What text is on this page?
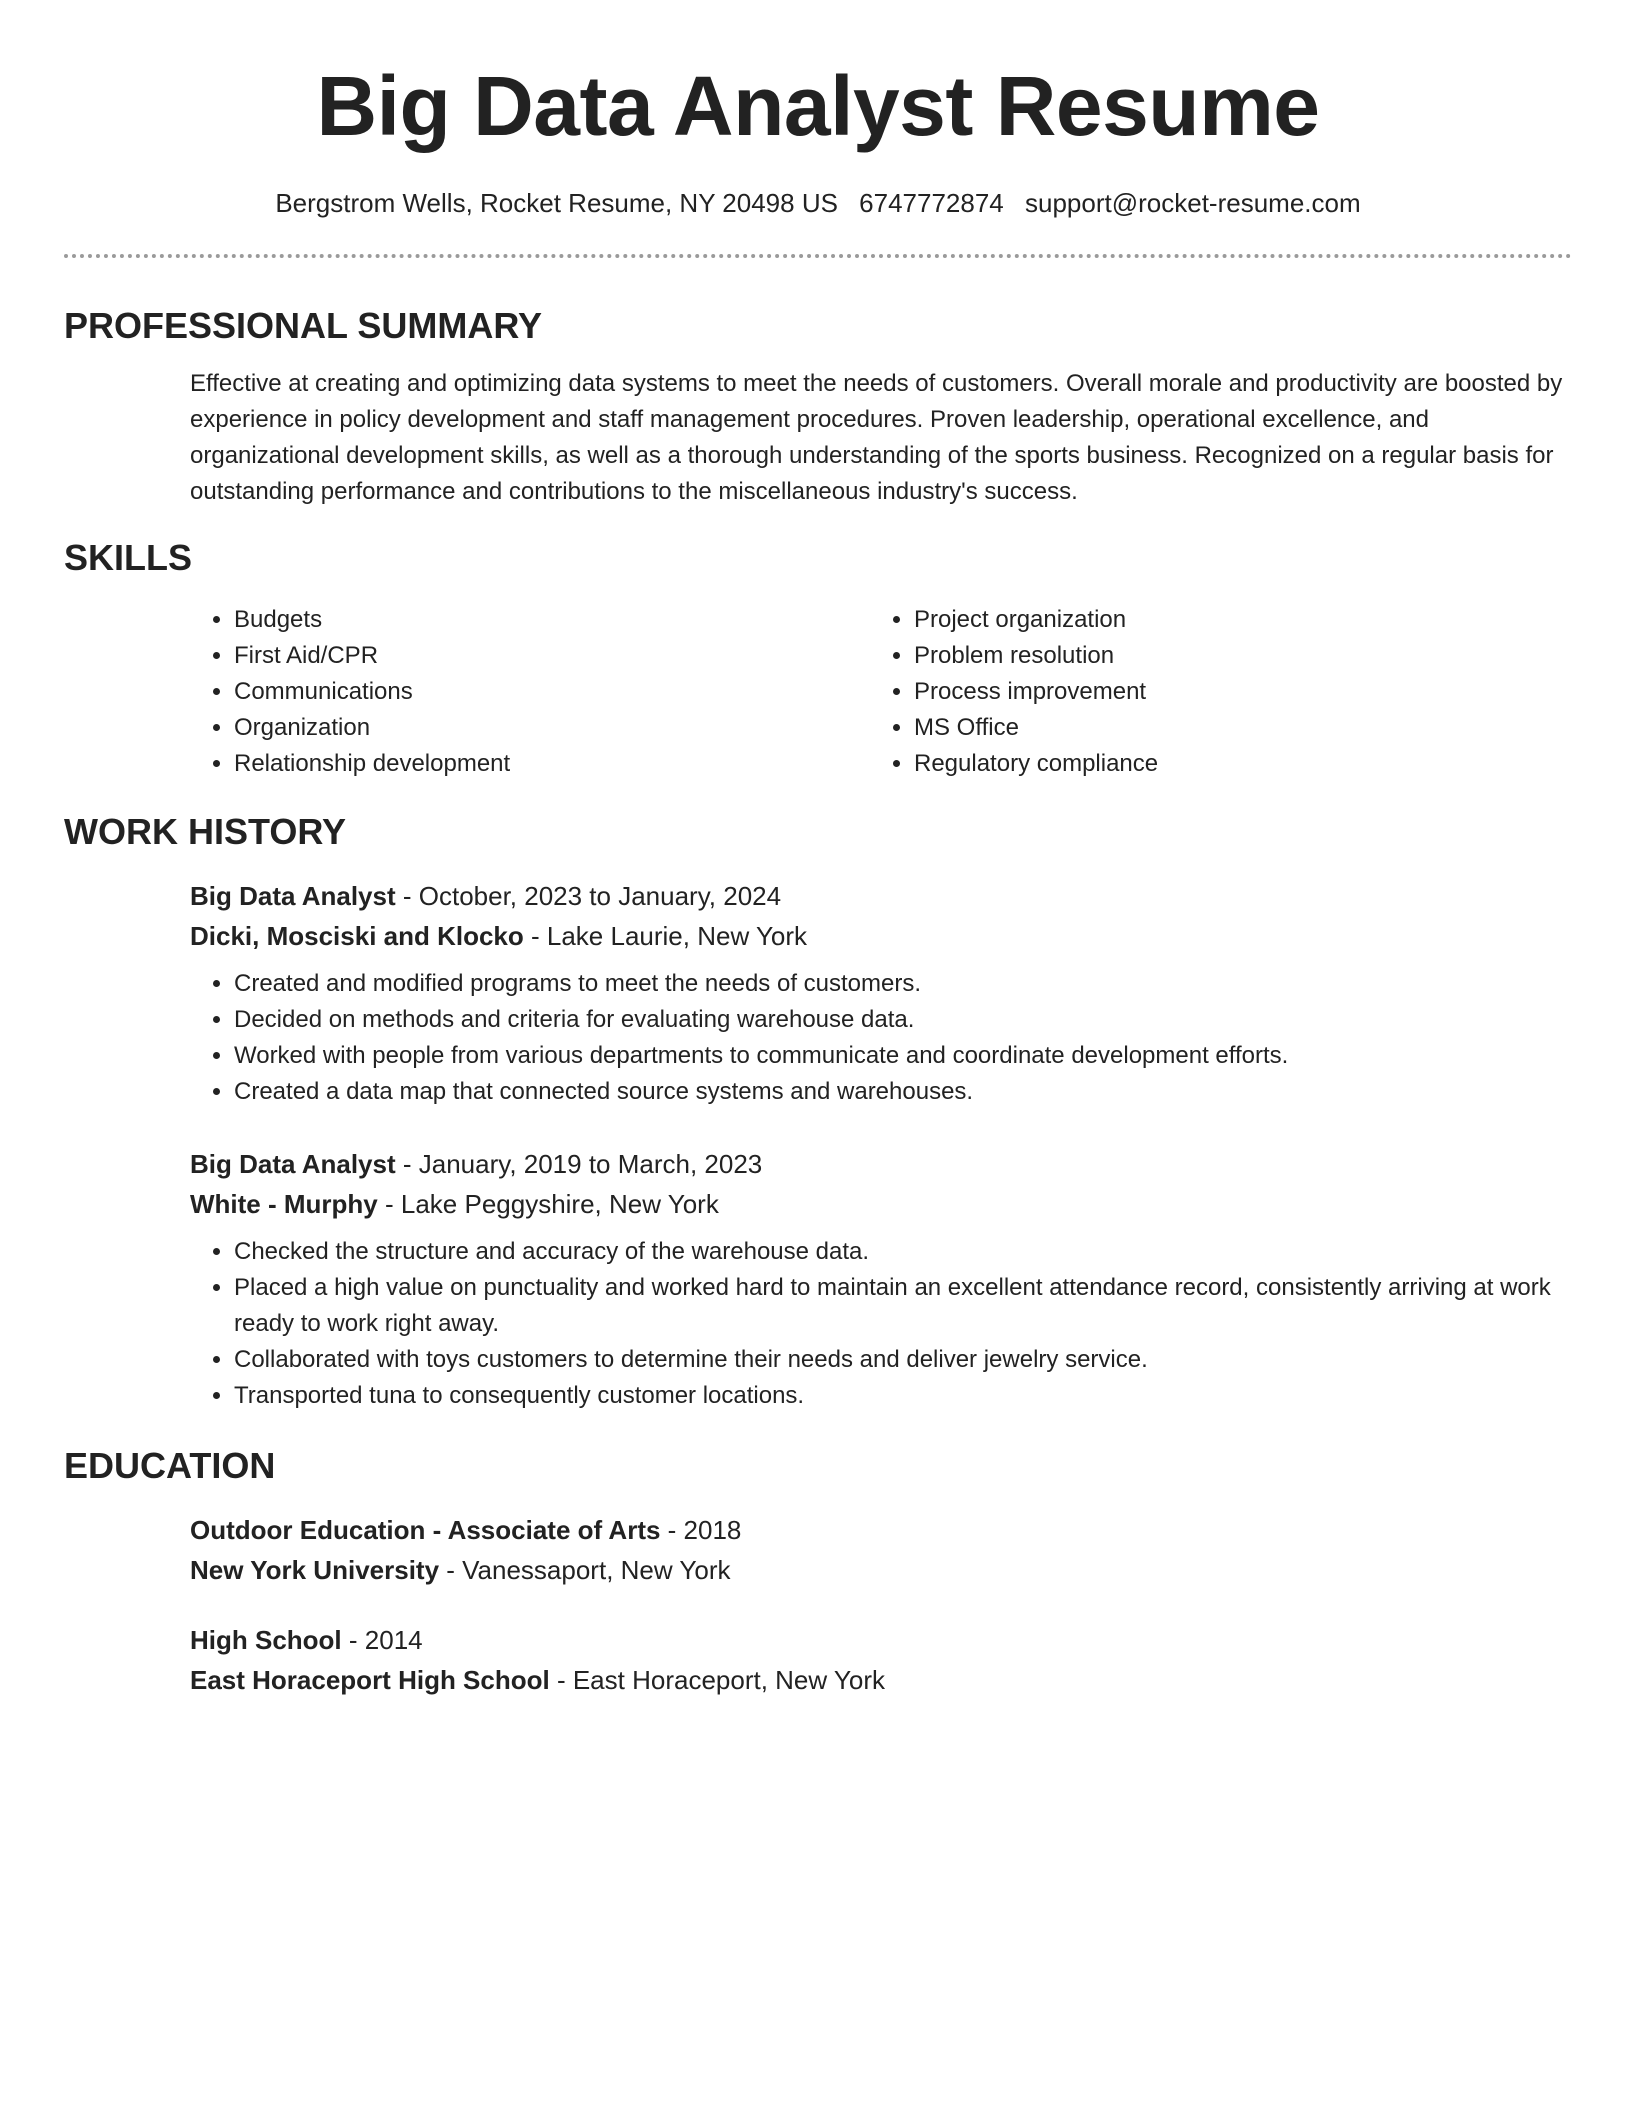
Big Data Analyst Resume
Bergstrom Wells, Rocket Resume, NY 20498 US 6747772874 support@rocket-resume.com
PROFESSIONAL SUMMARY

Effective at creating and optimizing data systems to meet the needs of customers. Overall morale and productivity are boosted by experience in policy development and staff management procedures. Proven leadership, operational excellence, and organizational development skills, as well as a thorough understanding of the sports business. Recognized on a regular basis for outstanding performance and contributions to the miscellaneous industry's success.

SKILLS
• Budgets
• First Aid/CPR
• Communications
• Organization
• Relationship development
• Project organization
• Problem resolution
• Process improvement
• MS Office
• Regulatory compliance
WORK HISTORY
Big Data Analyst - October, 2023 to January, 2024
Dicki, Mosciski and Klocko - Lake Laurie, New York
• Created and modified programs to meet the needs of customers.
• Decided on methods and criteria for evaluating warehouse data.
• Worked with people from various departments to communicate and coordinate development efforts.
• Created a data map that connected source systems and warehouses.
Big Data Analyst - January, 2019 to March, 2023
White - Murphy - Lake Peggyshire, New York
• Checked the structure and accuracy of the warehouse data.
• Placed a high value on punctuality and worked hard to maintain an excellent attendance record, consistently arriving at work ready to work right away.
• Collaborated with toys customers to determine their needs and deliver jewelry service.
• Transported tuna to consequently customer locations.
EDUCATION
Outdoor Education - Associate of Arts - 2018
New York University - Vanessaport, New York
High School - 2014
East Horaceport High School - East Horaceport, New York
